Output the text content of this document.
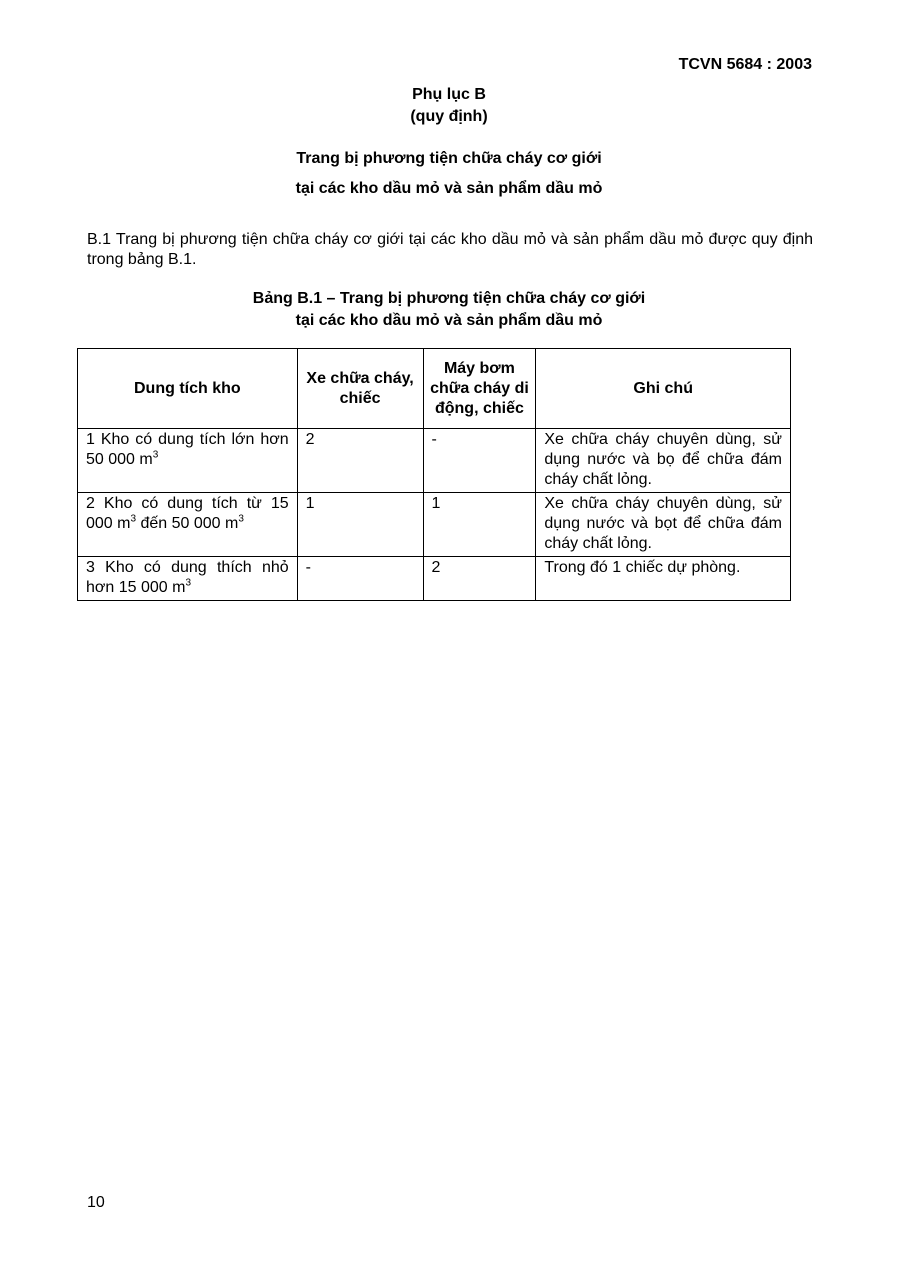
TCVN 5684 : 2003
Phụ lục B
(quy định)
Trang bị phương tiện chữa cháy cơ giới
tại các kho dầu mỏ và sản phẩm dầu mỏ
B.1 Trang bị phương tiện chữa cháy cơ giới tại các kho dầu mỏ và sản phẩm dầu mỏ được quy định trong bảng B.1.
Bảng B.1 – Trang bị phương tiện chữa cháy cơ giới
tại các kho dầu mỏ và sản phẩm dầu mỏ
Dung tích kho	Xe chữa cháy, chiếc	Máy bơm chữa cháy di động, chiếc	Ghi chú
1 Kho có dung tích lớn hơn 50 000 $m^3$	2	-	Xe chữa cháy chuyên dùng, sử dụng nước và bọ để chữa đám cháy chất lỏng.
2 Kho có dung tích từ 15 000 $m^3$ đến 50 000 $m^3$	1	1	Xe chữa cháy chuyên dùng, sử dụng nước và bọt để chữa đám cháy chất lỏng.
3 Kho có dung thích nhỏ hơn 15 000 $m^3$	-	2	Trong đó 1 chiếc dự phòng.
10
